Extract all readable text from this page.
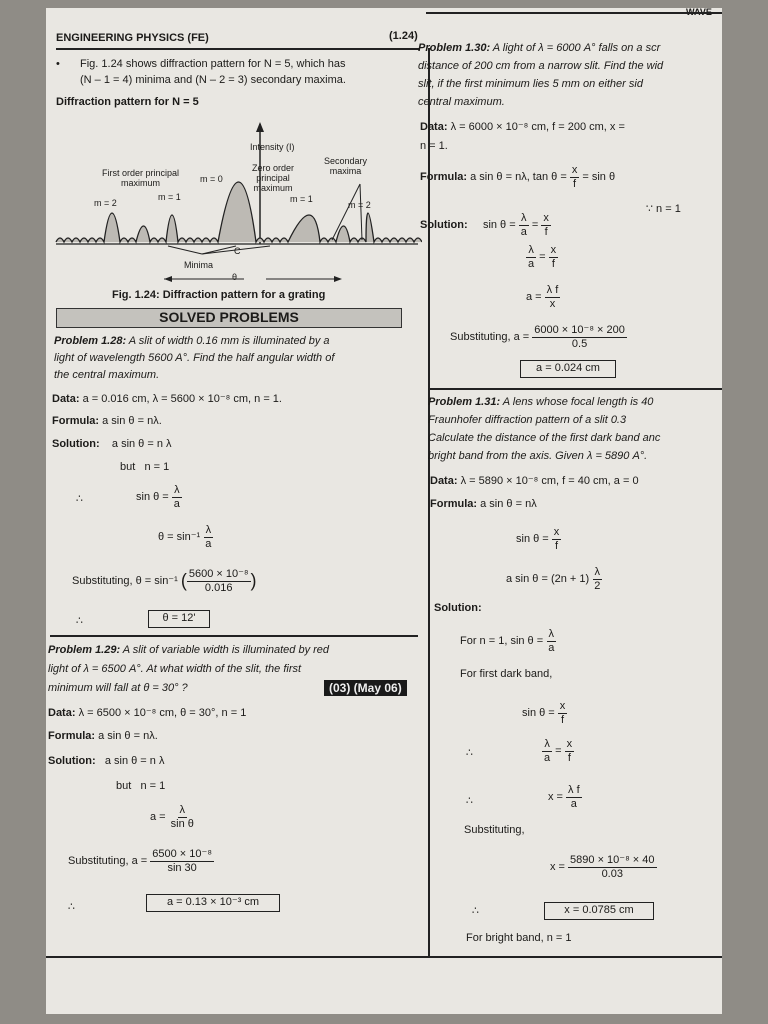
ENGINEERING PHYSICS (FE)	(1.24)
• Fig. 1.24 shows diffraction pattern for N = 5, which has
(N – 1 = 4) minima and (N – 2 = 3) secondary maxima.
Diffraction pattern for N = 5
Intensity (I)
Zero order
principal
maximum
Secondary
maxima
First order principal
maximum	m = 0
m = 1	m = 1
m = 2	m = 2
C
Minima
θ
Fig. 1.24: Diffraction pattern for a grating
SOLVED PROBLEMS
Problem 1.28: A slit of width 0.16 mm is illuminated by a
light of wavelength 5600 A°. Find the half angular width of
the central maximum.
Data: a = 0.016 cm, λ = 5600 × 10⁻⁸ cm, n = 1.
Formula: a sin θ = nλ.
Solution: a sin θ = n λ
but n = 1
∴	$\sin \theta = \frac{\lambda}{a}$
$\theta = \sin^{-1} \frac{\lambda}{a}$
Substituting, θ = sin⁻¹ ( $\frac{\text{5600 × 10⁻⁸}}{0.016}$ )
∴	θ = 12'
Problem 1.29: A slit of variable width is illuminated by red
light of λ = 6500 A°. At what width of the slit, the first
minimum will fall at θ = 30° ?	(03) (May 06)
Data: λ = 6500 × 10⁻⁸ cm, θ = 30°, n = 1
Formula: a sin θ = nλ.
Solution: a sin θ = n λ
but n = 1
$a = \frac{\lambda}{\text{sin θ}}$
Substituting, $a = \frac{\text{6500 × 10⁻⁸}}{\sin 30}$
∴	a = 0.13 × 10⁻³ cm
Problem 1.30: A light of λ = 6000 A° falls on a scr
distance of 200 cm from a narrow slit. Find the wid
slit, if the first minimum lies 5 mm on either sid
central maximum.
Data: λ = 6000 × 10⁻⁸ cm, f = 200 cm, x =
n = 1.
Formula: a sin θ = nλ, $\tan \theta = \frac{x}{f} = \sin \theta$
Solution: $\sin \theta = \frac{\lambda}{a} = \frac{x}{f}$
∵ n = 1
$\frac{\lambda}{a} = \frac{x}{f}$
$a = \frac{\text{λ f}}{x}$
Substituting, $a = \frac{\text{6000 × 10⁻⁸ × 200}}{0.5}$
a = 0.024 cm
Problem 1.31: A lens whose focal length is 40
Fraunhofer diffraction pattern of a slit 0.3
Calculate the distance of the first dark band anc
bright band from the axis. Given λ = 5890 A°.
Data: λ = 5890 × 10⁻⁸ cm, f = 40 cm, a = 0
Formula: a sin θ = nλ
$\sin \theta = \frac{x}{f}$
a $\sin \theta = (2n + 1) \frac{\lambda}{2}$
Solution:
For n = 1, $\sin \theta = \frac{\lambda}{a}$
For first dark band,
$\sin \theta = \frac{x}{f}$
∴	$\frac{\lambda}{a} = \frac{x}{f}$
∴	$x = \frac{\text{λ f}}{a}$
Substituting,
$x = \frac{\text{5890 × 10⁻⁸ × 40}}{0.03}$
∴	x = 0.0785 cm
For bright band, n = 1
